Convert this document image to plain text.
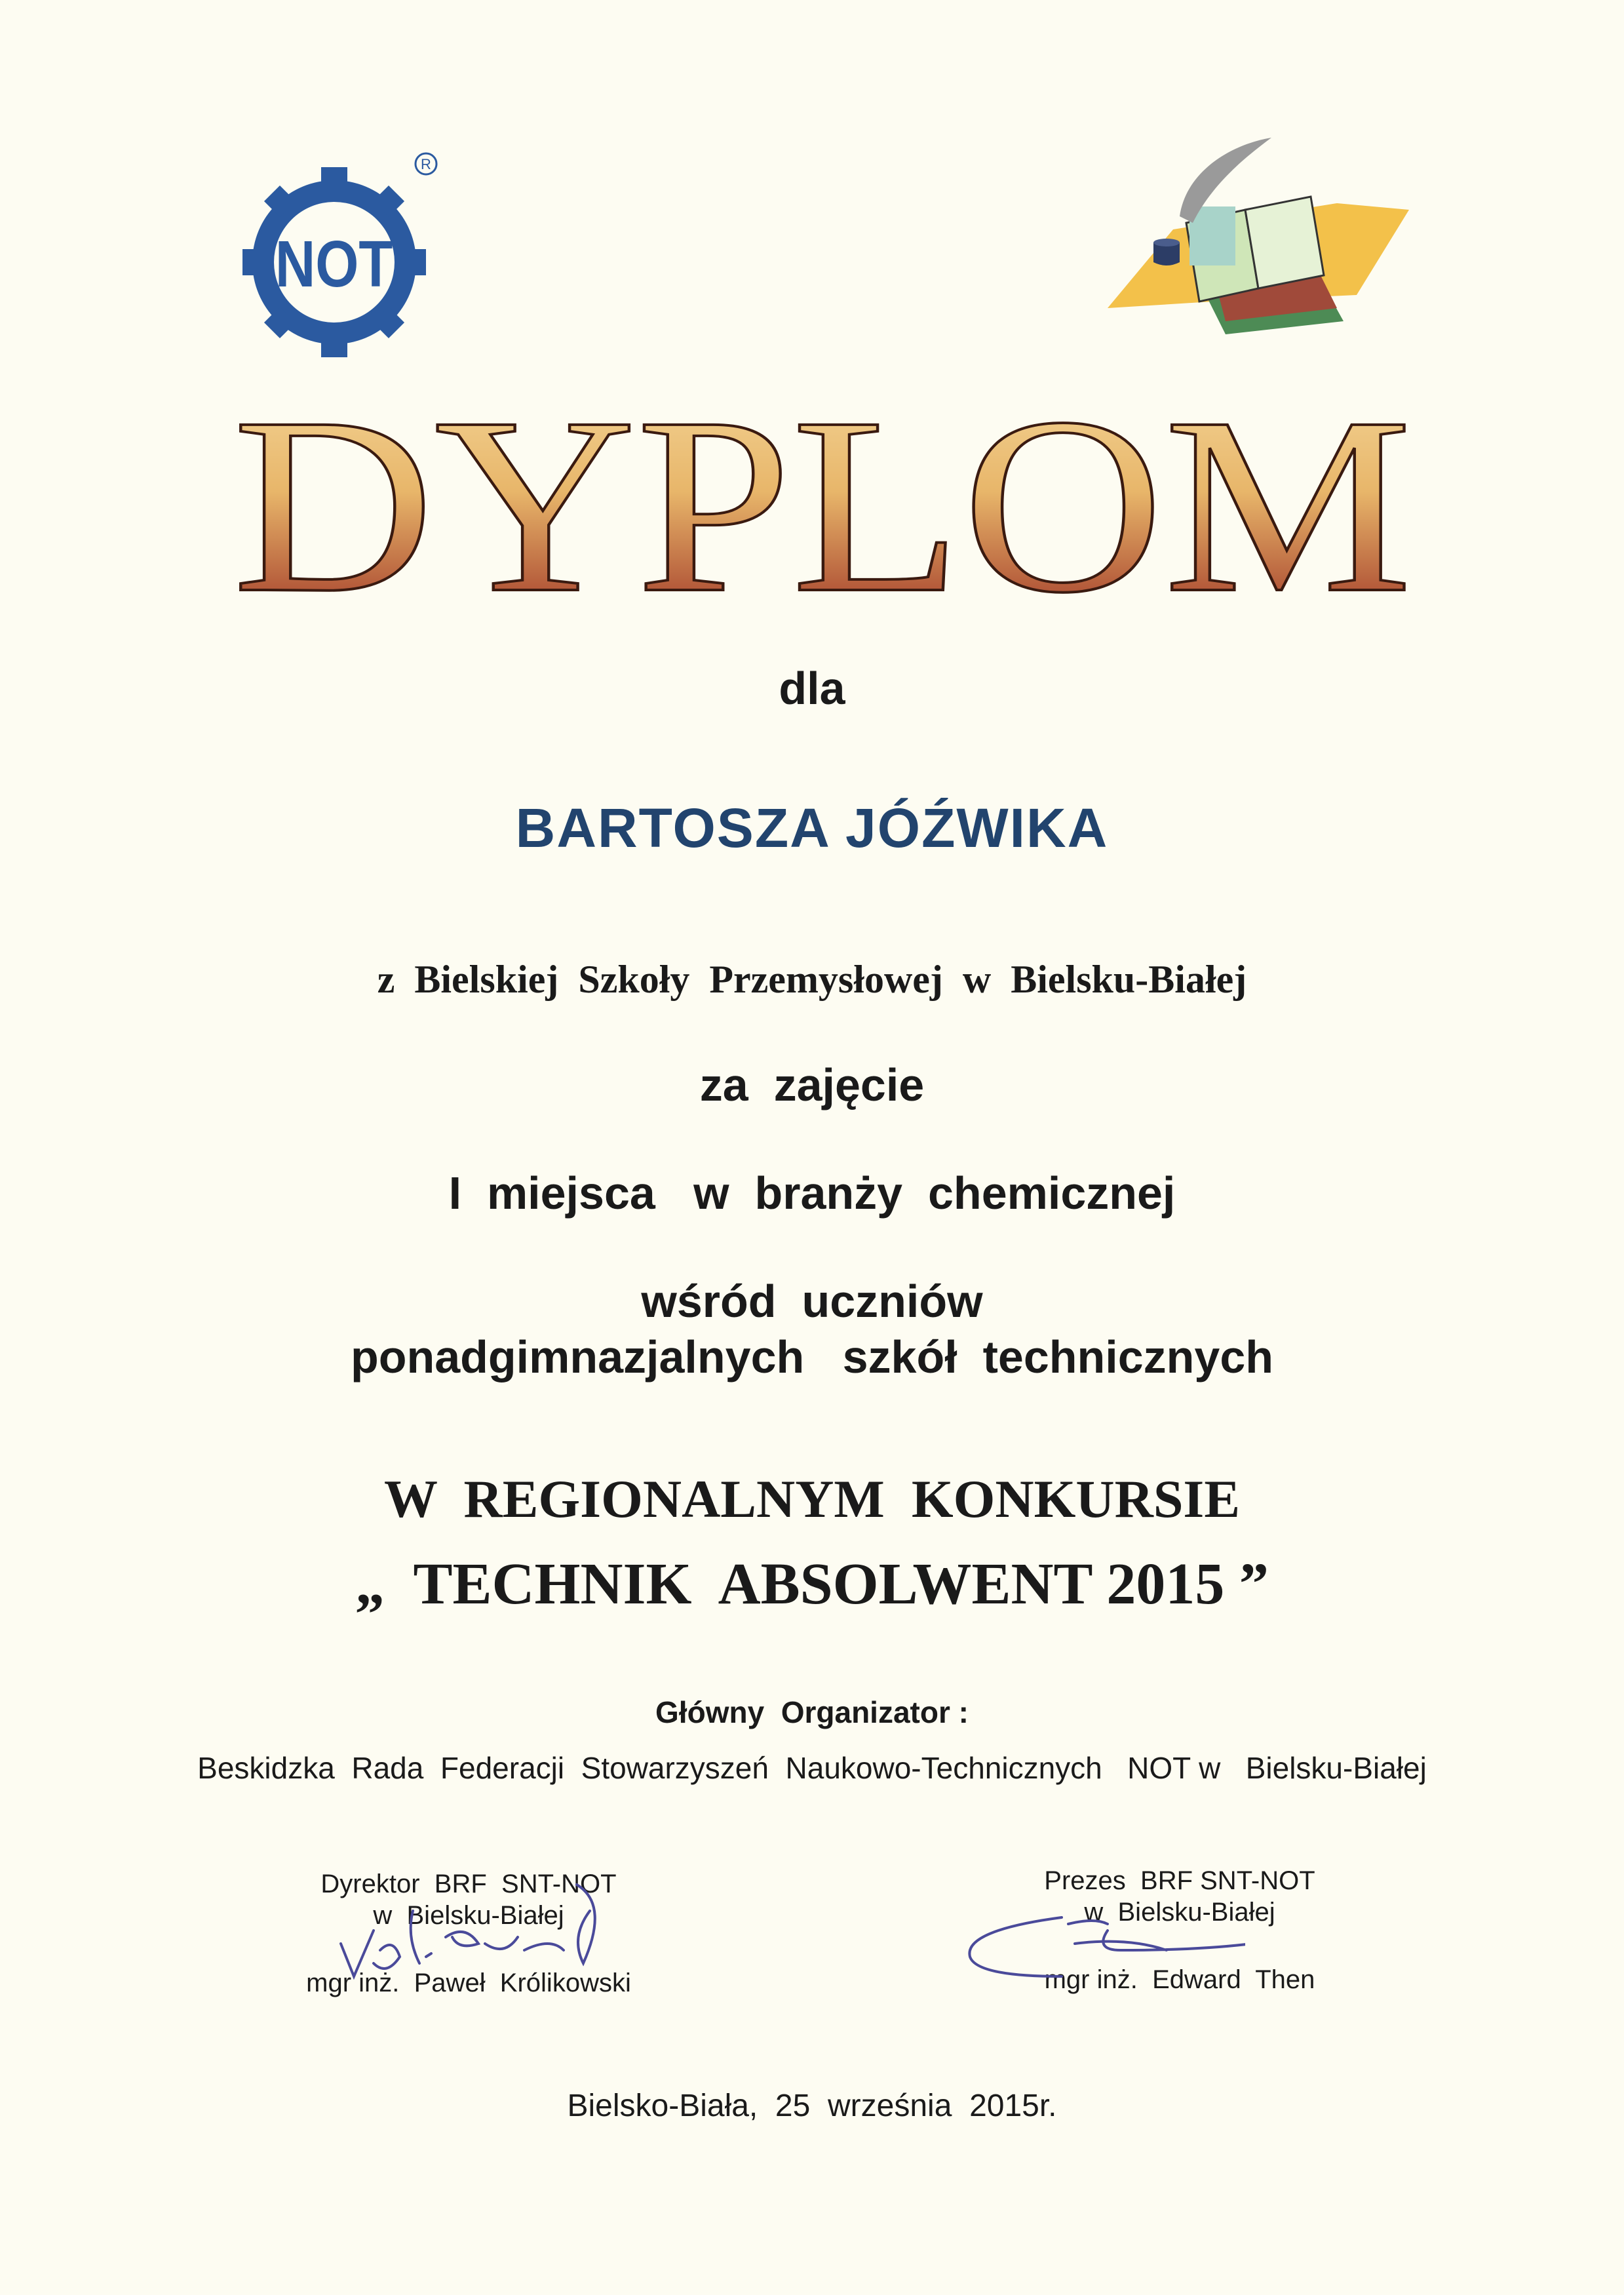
NOT
R
DYPLOM
dla
BARTOSZA JÓŹWIKA
z  Bielskiej  Szkoły  Przemysłowej  w  Bielsku-Białej
za  zajęcie
I  miejsca   w  branży  chemicznej
wśród  uczniów
ponadgimnazjalnych   szkół  technicznych
W  REGIONALNYM  KONKURSIE
„  TECHNIK  ABSOLWENT 2015 ”
Główny  Organizator :
Beskidzka  Rada  Federacji  Stowarzyszeń  Naukowo-Technicznych   NOT w   Bielsku-Białej
Dyrektor  BRF  SNT-NOT
w  Bielsku-Białej
mgr inż.  Paweł  Królikowski
Prezes  BRF SNT-NOT
w  Bielsku-Białej
mgr inż.  Edward  Then
Bielsko-Biała,  25  września  2015r.
